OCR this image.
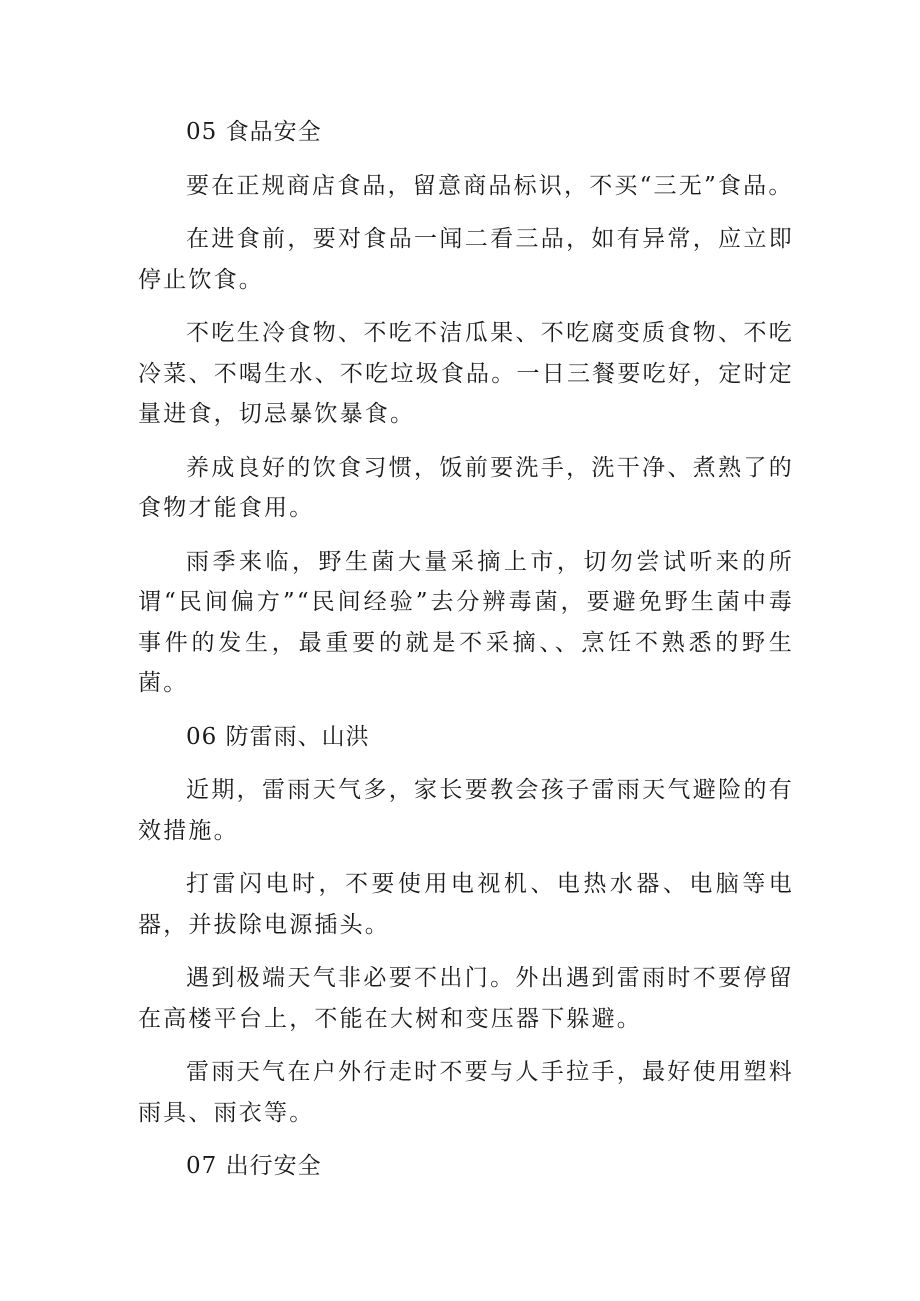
05 食品安全

要在正规商店食品，留意商品标识，不买“三无”食品。

在进食前，要对食品一闻二看三品，如有异常，应立即停止饮食。

不吃生冷食物、不吃不洁瓜果、不吃腐变质食物、不吃冷菜、不喝生水、不吃垃圾食品。一日三餐要吃好，定时定量进食，切忌暴饮暴食。

养成良好的饮食习惯，饭前要洗手，洗干净、煮熟了的食物才能食用。

雨季来临，野生菌大量采摘上市，切勿尝试听来的所谓“民间偏方”“民间经验”去分辨毒菌，要避免野生菌中毒事件的发生，最重要的就是不采摘、、烹饪不熟悉的野生菌。

06 防雷雨、山洪

近期，雷雨天气多，家长要教会孩子雷雨天气避险的有效措施。

打雷闪电时，不要使用电视机、电热水器、电脑等电器，并拔除电源插头。

遇到极端天气非必要不出门。外出遇到雷雨时不要停留在高楼平台上，不能在大树和变压器下躲避。

雷雨天气在户外行走时不要与人手拉手，最好使用塑料雨具、雨衣等。

07 出行安全
